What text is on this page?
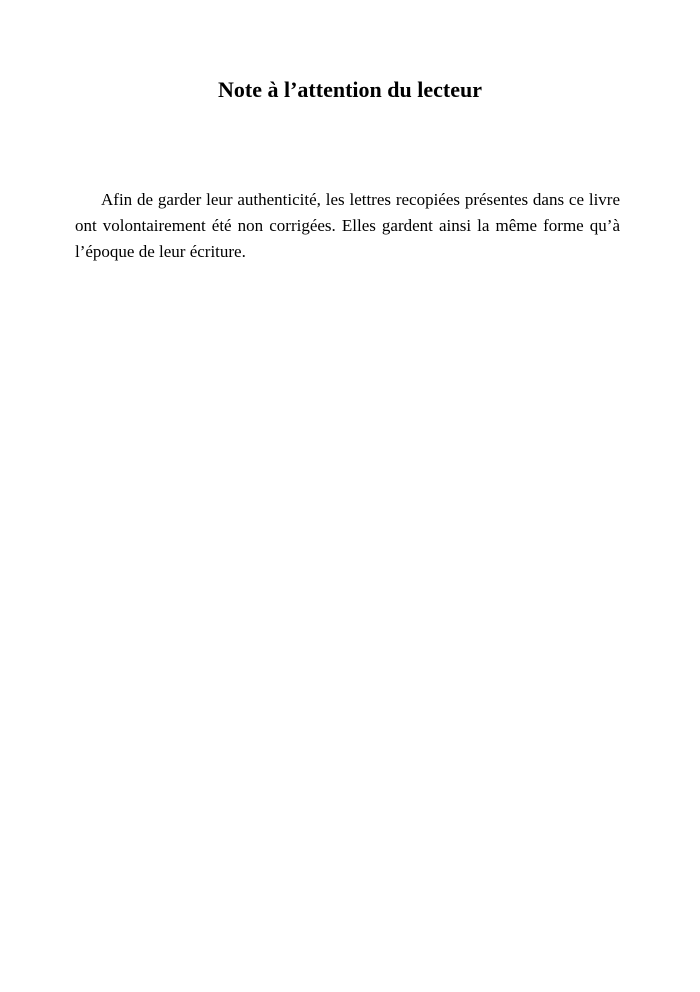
Note à l’attention du lecteur

Afin de garder leur authenticité, les lettres recopiées présentes dans ce livre ont volontairement été non corrigées. Elles gardent ainsi la même forme qu’à l’époque de leur écriture.
